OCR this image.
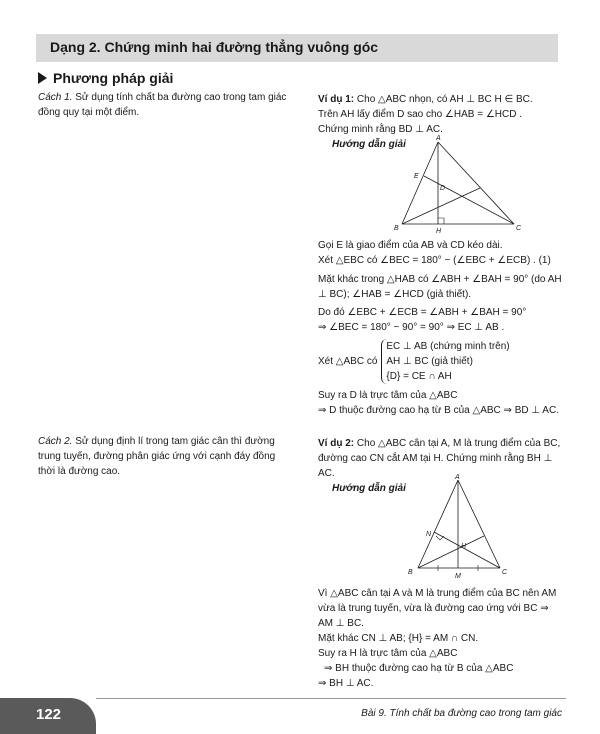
Dạng 2. Chứng minh hai đường thẳng vuông góc
Phương pháp giải
Cách 1. Sử dụng tính chất ba đường cao trong tam giác đồng quy tại một điểm.
Cách 2. Sử dụng định lí trong tam giác cân thì đường trung tuyến, đường phân giác ứng với cạnh đáy đồng thời là đường cao.

Ví dụ 1: Cho △ABC nhọn, có AH ⊥ BC H ∈ BC.

Trên AH lấy điểm D sao cho ∠HAB = ∠HCD .

Chứng minh rằng BD ⊥ AC.

Hướng dẫn giải

A
B	C
D
E
H

Gọi E là giao điểm của AB và CD kéo dài.

Xét △EBC có ∠BEC = 180° − (∠EBC + ∠ECB) . (1)

Mặt khác trong △HAB có ∠ABH + ∠BAH = 90° (do AH ⊥ BC); ∠HAB = ∠HCD (giả thiết).

Do đó ∠EBC + ∠ECB = ∠ABH + ∠BAH = 90°

⇒ ∠BEC = 180° − 90° = 90° ⇒ EC ⊥ AB .

Xét △ABC có
EC ⊥ AB (chứng minh trên)
AH ⊥ BC (giả thiết)
{D} = CE ∩ AH

Suy ra D là trực tâm của △ABC

⇒ D thuộc đường cao hạ từ B của △ABC ⇒ BD ⊥ AC.

Ví dụ 2: Cho △ABC cân tại A, M là trung điểm của BC, đường cao CN cắt AM tại H. Chứng minh rằng BH ⊥ AC.

Hướng dẫn giải

A
B	C
H
M
N

Vì △ABC cân tại A và M là trung điểm của BC nên AM vừa là trung tuyến, vừa là đường cao ứng với BC ⇒ AM ⊥ BC.

Mặt khác CN ⊥ AB; {H} = AM ∩ CN.

Suy ra H là trực tâm của △ABC

⇒ BH thuộc đường cao hạ từ B của △ABC

⇒ BH ⊥ AC.

122	Bài 9. Tính chất ba đường cao trong tam giác
